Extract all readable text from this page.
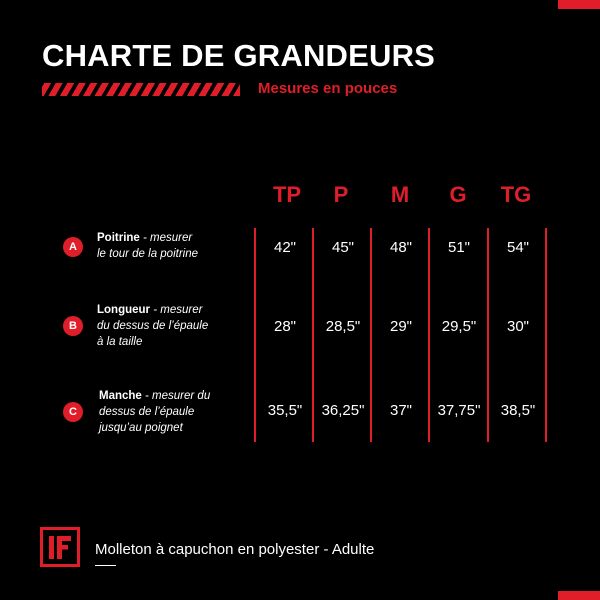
CHARTE DE GRANDEURS
Mesures en pouces
TP	P	M	G	TG
A
Poitrine - mesurer
le tour de la poitrine	42"	45"	48"	51"	54"
B
Longueur - mesurer
du dessus de l’épaule
à la taille
28"	28,5"	29"	29,5"	30"
C
Manche - mesurer du
dessus de l’épaule
jusqu’au poignet
35,5"	36,25"	37"	37,75"	38,5"
Molleton à capuchon en polyester - Adulte
